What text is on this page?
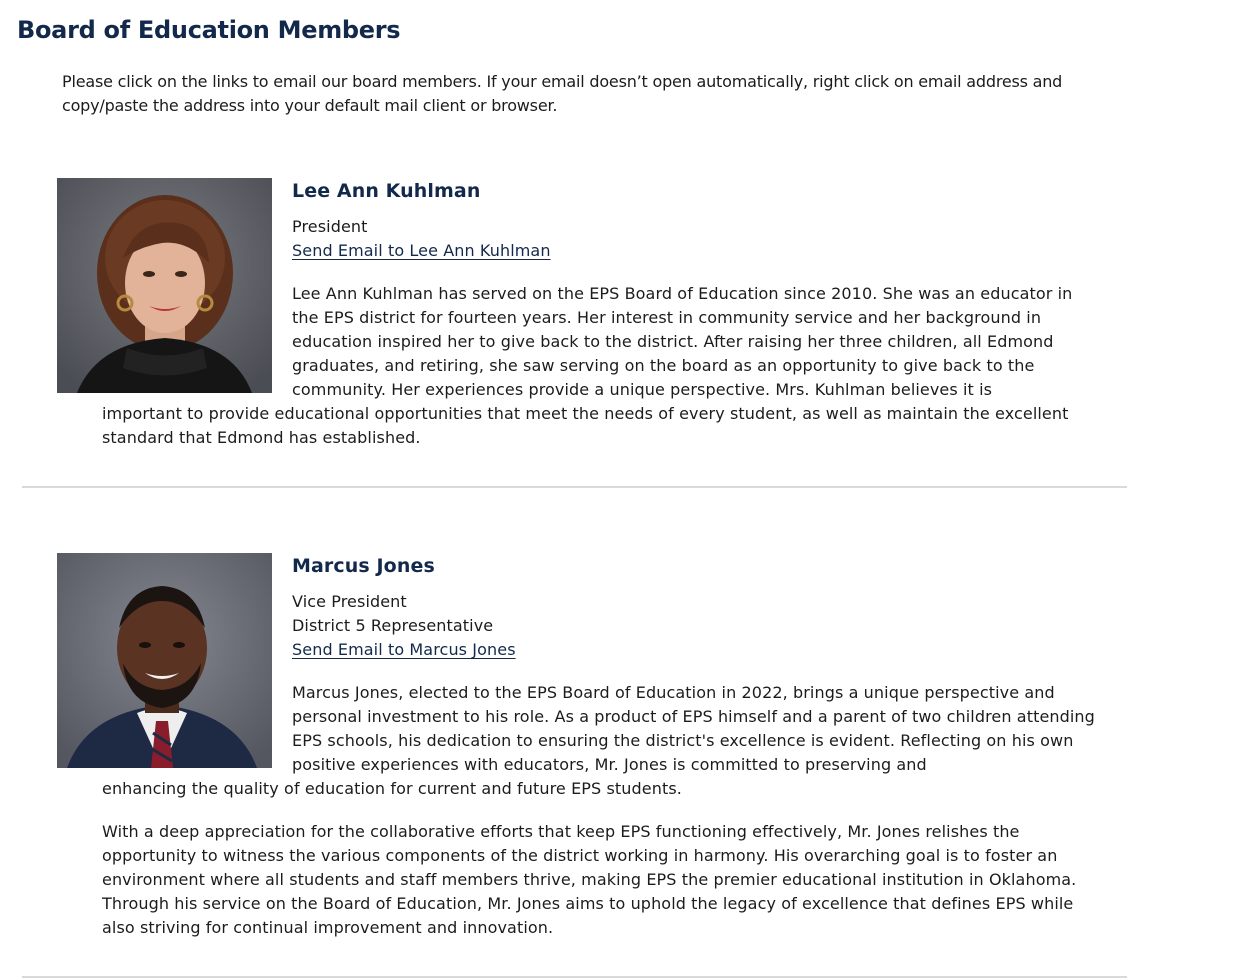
Board of Education Members

Please click on the links to email our board members. If your email doesn’t open automatically, right click on email address and copy/paste the address into your default mail client or browser.

Lee Ann Kuhlman
President
Send Email to Lee Ann Kuhlman

Lee Ann Kuhlman has served on the EPS Board of Education since 2010. She was an educator in the EPS district for fourteen years. Her interest in community service and her background in education inspired her to give back to the district. After raising her three children, all Edmond graduates, and retiring, she saw serving on the board as an opportunity to give back to the community. Her experiences provide a unique perspective. Mrs. Kuhlman believes it is

important to provide educational opportunities that meet the needs of every student, as well as maintain the excellent standard that Edmond has established.

Marcus Jones
Vice President
District 5 Representative
Send Email to Marcus Jones

Marcus Jones, elected to the EPS Board of Education in 2022, brings a unique perspective and personal investment to his role. As a product of EPS himself and a parent of two children attending EPS schools, his dedication to ensuring the district's excellence is evident. Reflecting on his own positive experiences with educators, Mr. Jones is committed to preserving and

enhancing the quality of education for current and future EPS students.

With a deep appreciation for the collaborative efforts that keep EPS functioning effectively, Mr. Jones relishes the opportunity to witness the various components of the district working in harmony. His overarching goal is to foster an environment where all students and staff members thrive, making EPS the premier educational institution in Oklahoma. Through his service on the Board of Education, Mr. Jones aims to uphold the legacy of excellence that defines EPS while also striving for continual improvement and innovation.
